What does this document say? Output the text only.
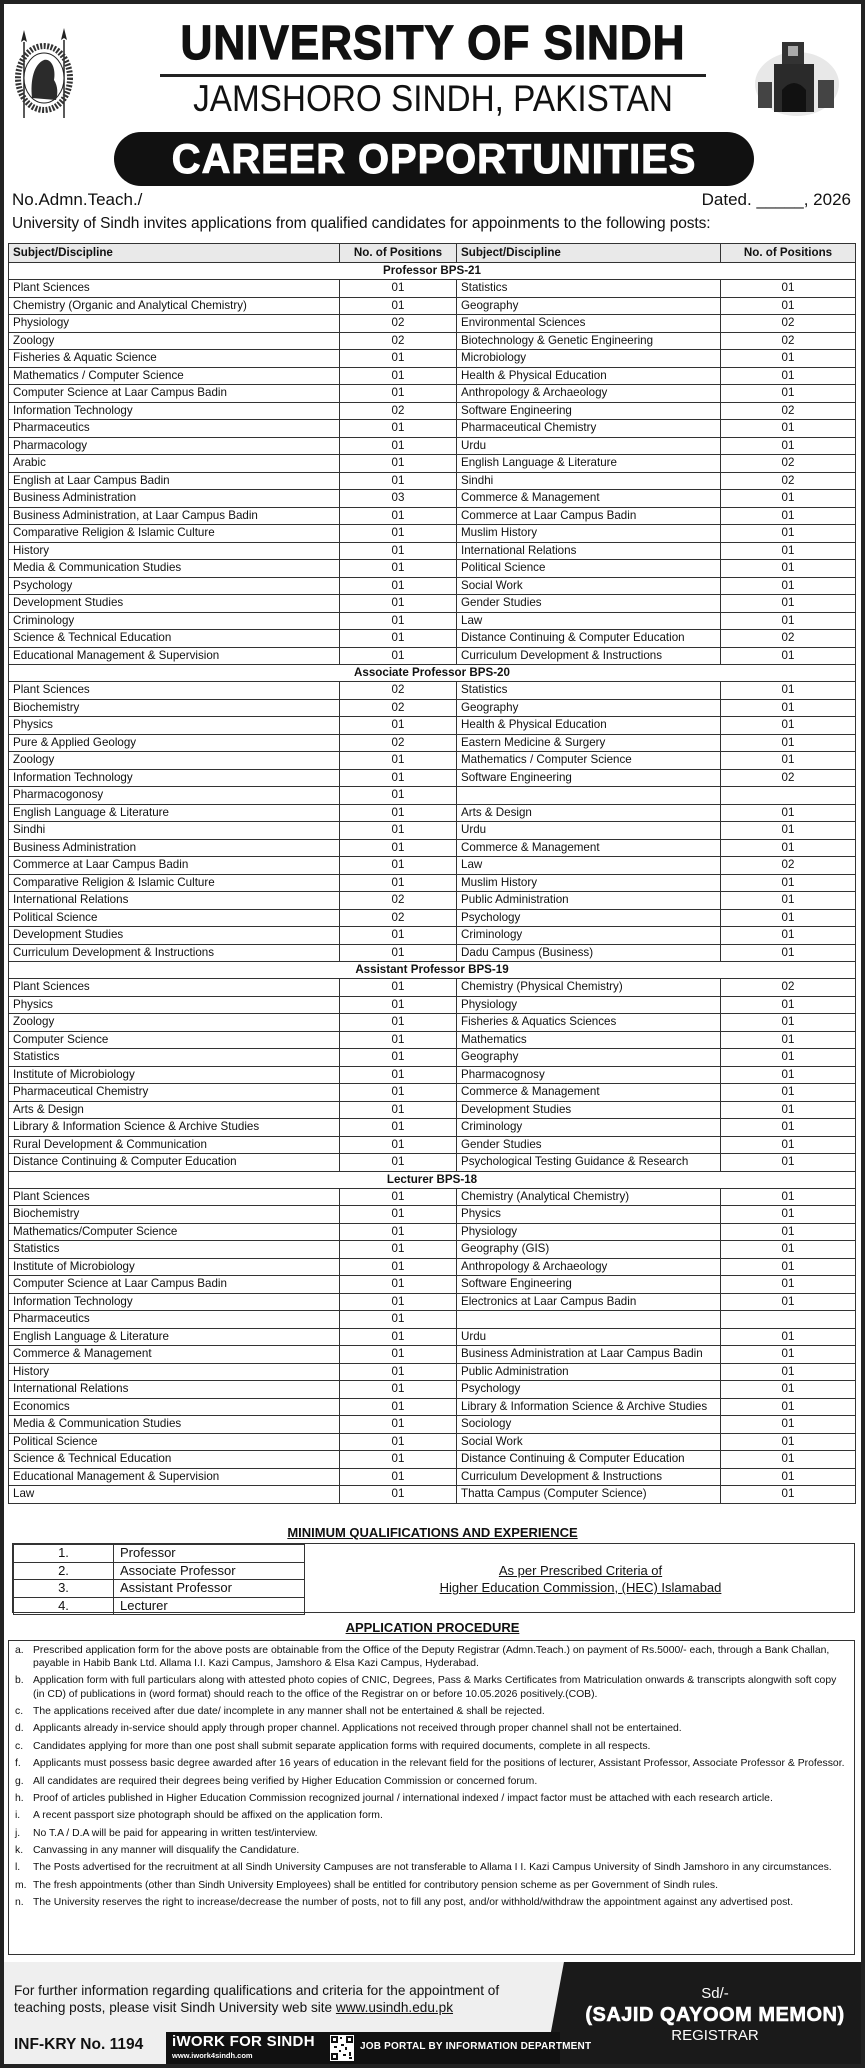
UNIVERSITY OF SINDH
JAMSHORO SINDH, PAKISTAN
CAREER OPPORTUNITIES
No.Admn.Teach./	Dated. _____, 2026
University of Sindh invites applications from qualified candidates for appoinments to the following posts:
Subject/Discipline	No. of Positions	Subject/Discipline	No. of Positions
Professor BPS-21			
Plant Sciences	01	Statistics	01
Chemistry (Organic and Analytical Chemistry)	01	Geography	01
Physiology	02	Environmental Sciences	02
Zoology	02	Biotechnology & Genetic Engineering	02
Fisheries & Aquatic Science	01	Microbiology	01
Mathematics / Computer Science	01	Health & Physical Education	01
Computer Science at Laar Campus Badin	01	Anthropology & Archaeology	01
Information Technology	02	Software Engineering	02
Pharmaceutics	01	Pharmaceutical Chemistry	01
Pharmacology	01	Urdu	01
Arabic	01	English Language & Literature	02
English at Laar Campus Badin	01	Sindhi	02
Business Administration	03	Commerce & Management	01
Business Administration, at Laar Campus Badin	01	Commerce at Laar Campus Badin	01
Comparative Religion & Islamic Culture	01	Muslim History	01
History	01	International Relations	01
Media & Communication Studies	01	Political Science	01
Psychology	01	Social Work	01
Development Studies	01	Gender Studies	01
Criminology	01	Law	01
Science & Technical Education	01	Distance Continuing & Computer Education	02
Educational Management & Supervision	01	Curriculum Development & Instructions	01
Associate Professor BPS-20			
Plant Sciences	02	Statistics	01
Biochemistry	02	Geography	01
Physics	01	Health & Physical Education	01
Pure & Applied Geology	02	Eastern Medicine & Surgery	01
Zoology	01	Mathematics / Computer Science	01
Information Technology	01	Software Engineering	02
Pharmacogonosy	01		
English Language & Literature	01	Arts & Design	01
Sindhi	01	Urdu	01
Business Administration	01	Commerce & Management	01
Commerce at Laar Campus Badin	01	Law	02
Comparative Religion & Islamic Culture	01	Muslim History	01
International Relations	02	Public Administration	01
Political Science	02	Psychology	01
Development Studies	01	Criminology	01
Curriculum Development & Instructions	01	Dadu Campus (Business)	01
Assistant Professor BPS-19			
Plant Sciences	01	Chemistry (Physical Chemistry)	02
Physics	01	Physiology	01
Zoology	01	Fisheries & Aquatics Sciences	01
Computer Science	01	Mathematics	01
Statistics	01	Geography	01
Institute of Microbiology	01	Pharmacognosy	01
Pharmaceutical Chemistry	01	Commerce & Management	01
Arts & Design	01	Development Studies	01
Library & Information Science & Archive Studies	01	Criminology	01
Rural Development & Communication	01	Gender Studies	01
Distance Continuing & Computer Education	01	Psychological Testing Guidance & Research	01
Lecturer BPS-18			
Plant Sciences	01	Chemistry (Analytical Chemistry)	01
Biochemistry	01	Physics	01
Mathematics/Computer Science	01	Physiology	01
Statistics	01	Geography (GIS)	01
Institute of Microbiology	01	Anthropology & Archaeology	01
Computer Science at Laar Campus Badin	01	Software Engineering	01
Information Technology	01	Electronics at Laar Campus Badin	01
Pharmaceutics	01		
English Language & Literature	01	Urdu	01
Commerce & Management	01	Business Administration at Laar Campus Badin	01
History	01	Public Administration	01
International Relations	01	Psychology	01
Economics	01	Library & Information Science & Archive Studies	01
Media & Communication Studies	01	Sociology	01
Political Science	01	Social Work	01
Science & Technical Education	01	Distance Continuing & Computer Education	01
Educational Management & Supervision	01	Curriculum Development & Instructions	01
Law	01	Thatta Campus (Computer Science)	01
MINIMUM QUALIFICATIONS AND EXPERIENCE
1.	Professor
2.	Associate Professor
3.	Assistant Professor
4.	Lecturer
As per Prescribed Criteria of
Higher Education Commission, (HEC) Islamabad
APPLICATION PROCEDURE
a. Prescribed application form for the above posts are obtainable from the Office of the Deputy Registrar (Admn.Teach.) on payment of Rs.5000/- each, through a Bank Challan, payable in Habib Bank Ltd. Allama I.I. Kazi Campus, Jamshoro & Elsa Kazi Campus, Hyderabad.
b. Application form with full particulars along with attested photo copies of CNIC, Degrees, Pass & Marks Certificates from Matriculation onwards & transcripts alongwith soft copy (in CD) of publications in (word format) should reach to the office of the Registrar on or before 10.05.2026 positively.(COB).
c. The applications received after due date/ incomplete in any manner shall not be entertained & shall be rejected.
d. Applicants already in-service should apply through proper channel. Applications not received through proper channel shall not be entertained.
c. Candidates applying for more than one post shall submit separate application forms with required documents, complete in all respects.
f.	Applicants must possess basic degree awarded after 16 years of education in the relevant field for the positions of lecturer, Assistant Professor, Associate Professor & Professor.
g. All candidates are required their degrees being verified by Higher Education Commission or concerned forum.
h. Proof of articles published in Higher Education Commission recognized journal / international indexed / impact factor must be attached with each research article.
i.	A recent passport size photograph should be affixed on the application form.
j.	No T.A / D.A will be paid for appearing in written test/interview.
k. Canvassing in any manner will disqualify the Candidature.
l.	The Posts advertised for the recruitment at all Sindh University Campuses are not transferable to Allama I I. Kazi Campus University of Sindh Jamshoro in any circumstances.
m. The fresh appointments (other than Sindh University Employees) shall be entitled for contributory pension scheme as per Government of Sindh rules.
n. The University reserves the right to increase/decrease the number of posts, not to fill any post, and/or withhold/withdraw the appointment against any advertised post.
For further information regarding qualifications and criteria for the appointment of teaching posts, please visit Sindh University web site www.usindh.edu.pk
Sd/-
(SAJID QAYOOM MEMON)
REGISTRAR
INF-KRY No. 1194 iWORK FOR SINDH
www.iwork4sindh.com
JOB PORTAL BY INFORMATION DEPARTMENT
